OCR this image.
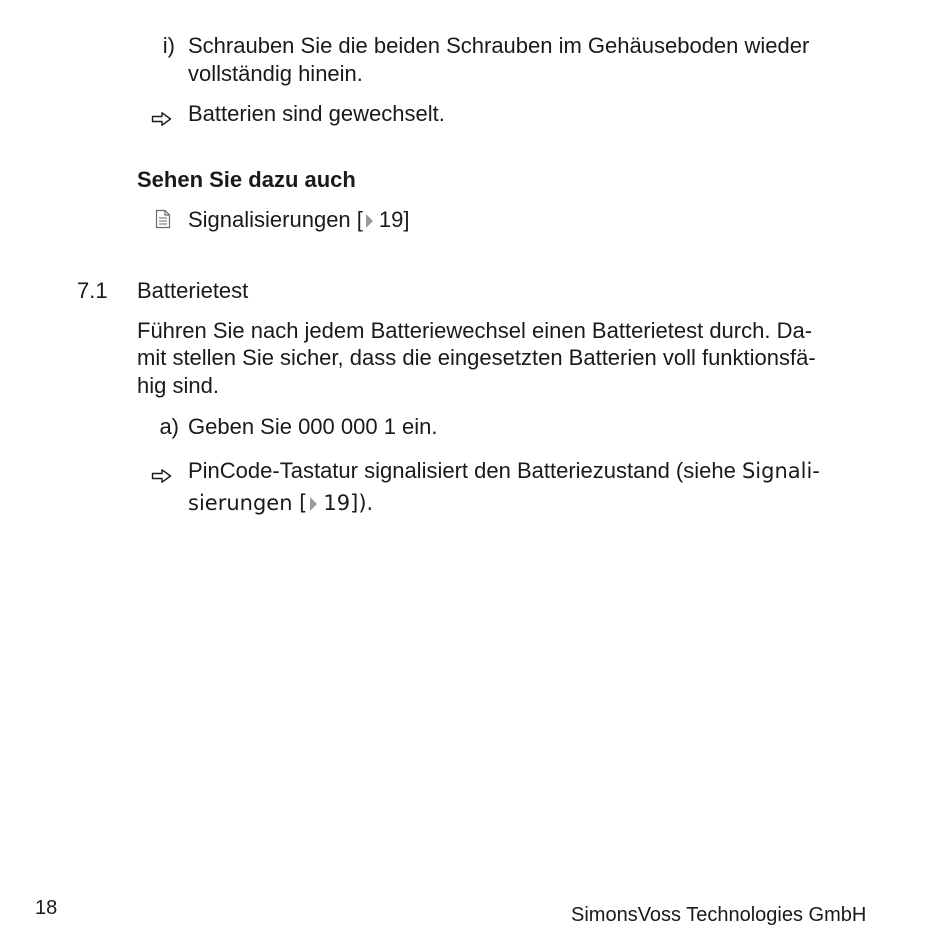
i) Schrauben Sie die beiden Schrauben im Gehäuseboden wieder
vollständig hinein.
Batterien sind gewechselt.
Sehen Sie dazu auch
Signalisierungen [ 19]
7.1 Batterietest
Führen Sie nach jedem Batteriewechsel einen Batterietest durch. Da-
mit stellen Sie sicher, dass die eingesetzten Batterien voll funktionsfä-
hig sind.
a) Geben Sie 000 000 1 ein.
PinCode-Tastatur signalisiert den Batteriezustand (siehe Signali-
sierungen [ 19]).
18	SimonsVoss Technologies GmbH
